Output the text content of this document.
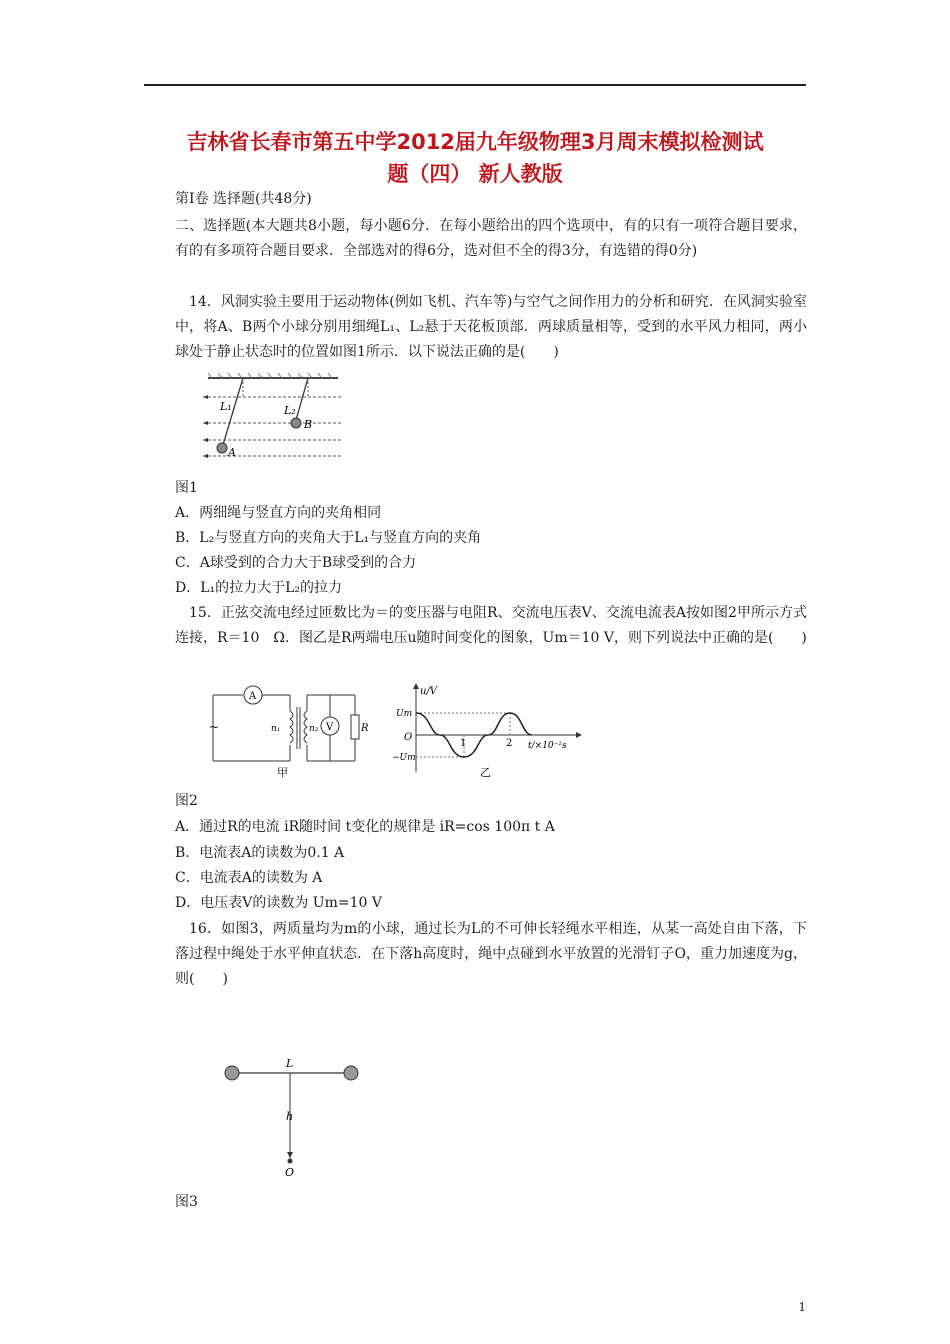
吉林省长春市第五中学2012届九年级物理3月周末模拟检测试
题（四） 新人教版
第Ⅰ卷 选择题(共48分)
二、选择题(本大题共8小题，每小题6分．在每小题给出的四个选项中，有的只有一项符合题目要求，有的有多项符合题目要求．全部选对的得6分，选对但不全的得3分，有选错的得0分)
14．风洞实验主要用于运动物体(例如飞机、汽车等)与空气之间作用力的分析和研究．在风洞实验室中，将A、B两个小球分别用细绳L₁、L₂悬于天花板顶部．两球质量相等，受到的水平风力相同，两小球处于静止状态时的位置如图1所示．以下说法正确的是(　　)
L₁	L₂
B
A
图1
A．两细绳与竖直方向的夹角相同
B．L₂与竖直方向的夹角大于L₁与竖直方向的夹角
C．A球受到的合力大于B球受到的合力
D．L₁的拉力大于L₂的拉力
15．正弦交流电经过匝数比为＝的变压器与电阻R、交流电压表V、交流电流表A按如图2甲所示方式连接，R＝10　Ω．图乙是R两端电压u随时间变化的图象，Um＝10 V，则下列说法中正确的是(　　)
A
~	n₁	n₂ V	R
甲
u/V
t/×10⁻²s
Um
−Um
O
1	2
乙
图2
A．通过R的电流 iR随时间 t变化的规律是 iR=cos 100π t A
B．电流表A的读数为0.1 A
C．电流表A的读数为 A
D．电压表V的读数为 Um=10 V
16．如图3，两质量均为m的小球，通过长为L的不可伸长轻绳水平相连，从某一高处自由下落，下落过程中绳处于水平伸直状态．在下落h高度时，绳中点碰到水平放置的光滑钉子O，重力加速度为g，则(　　)
L
h
O
图3
1
